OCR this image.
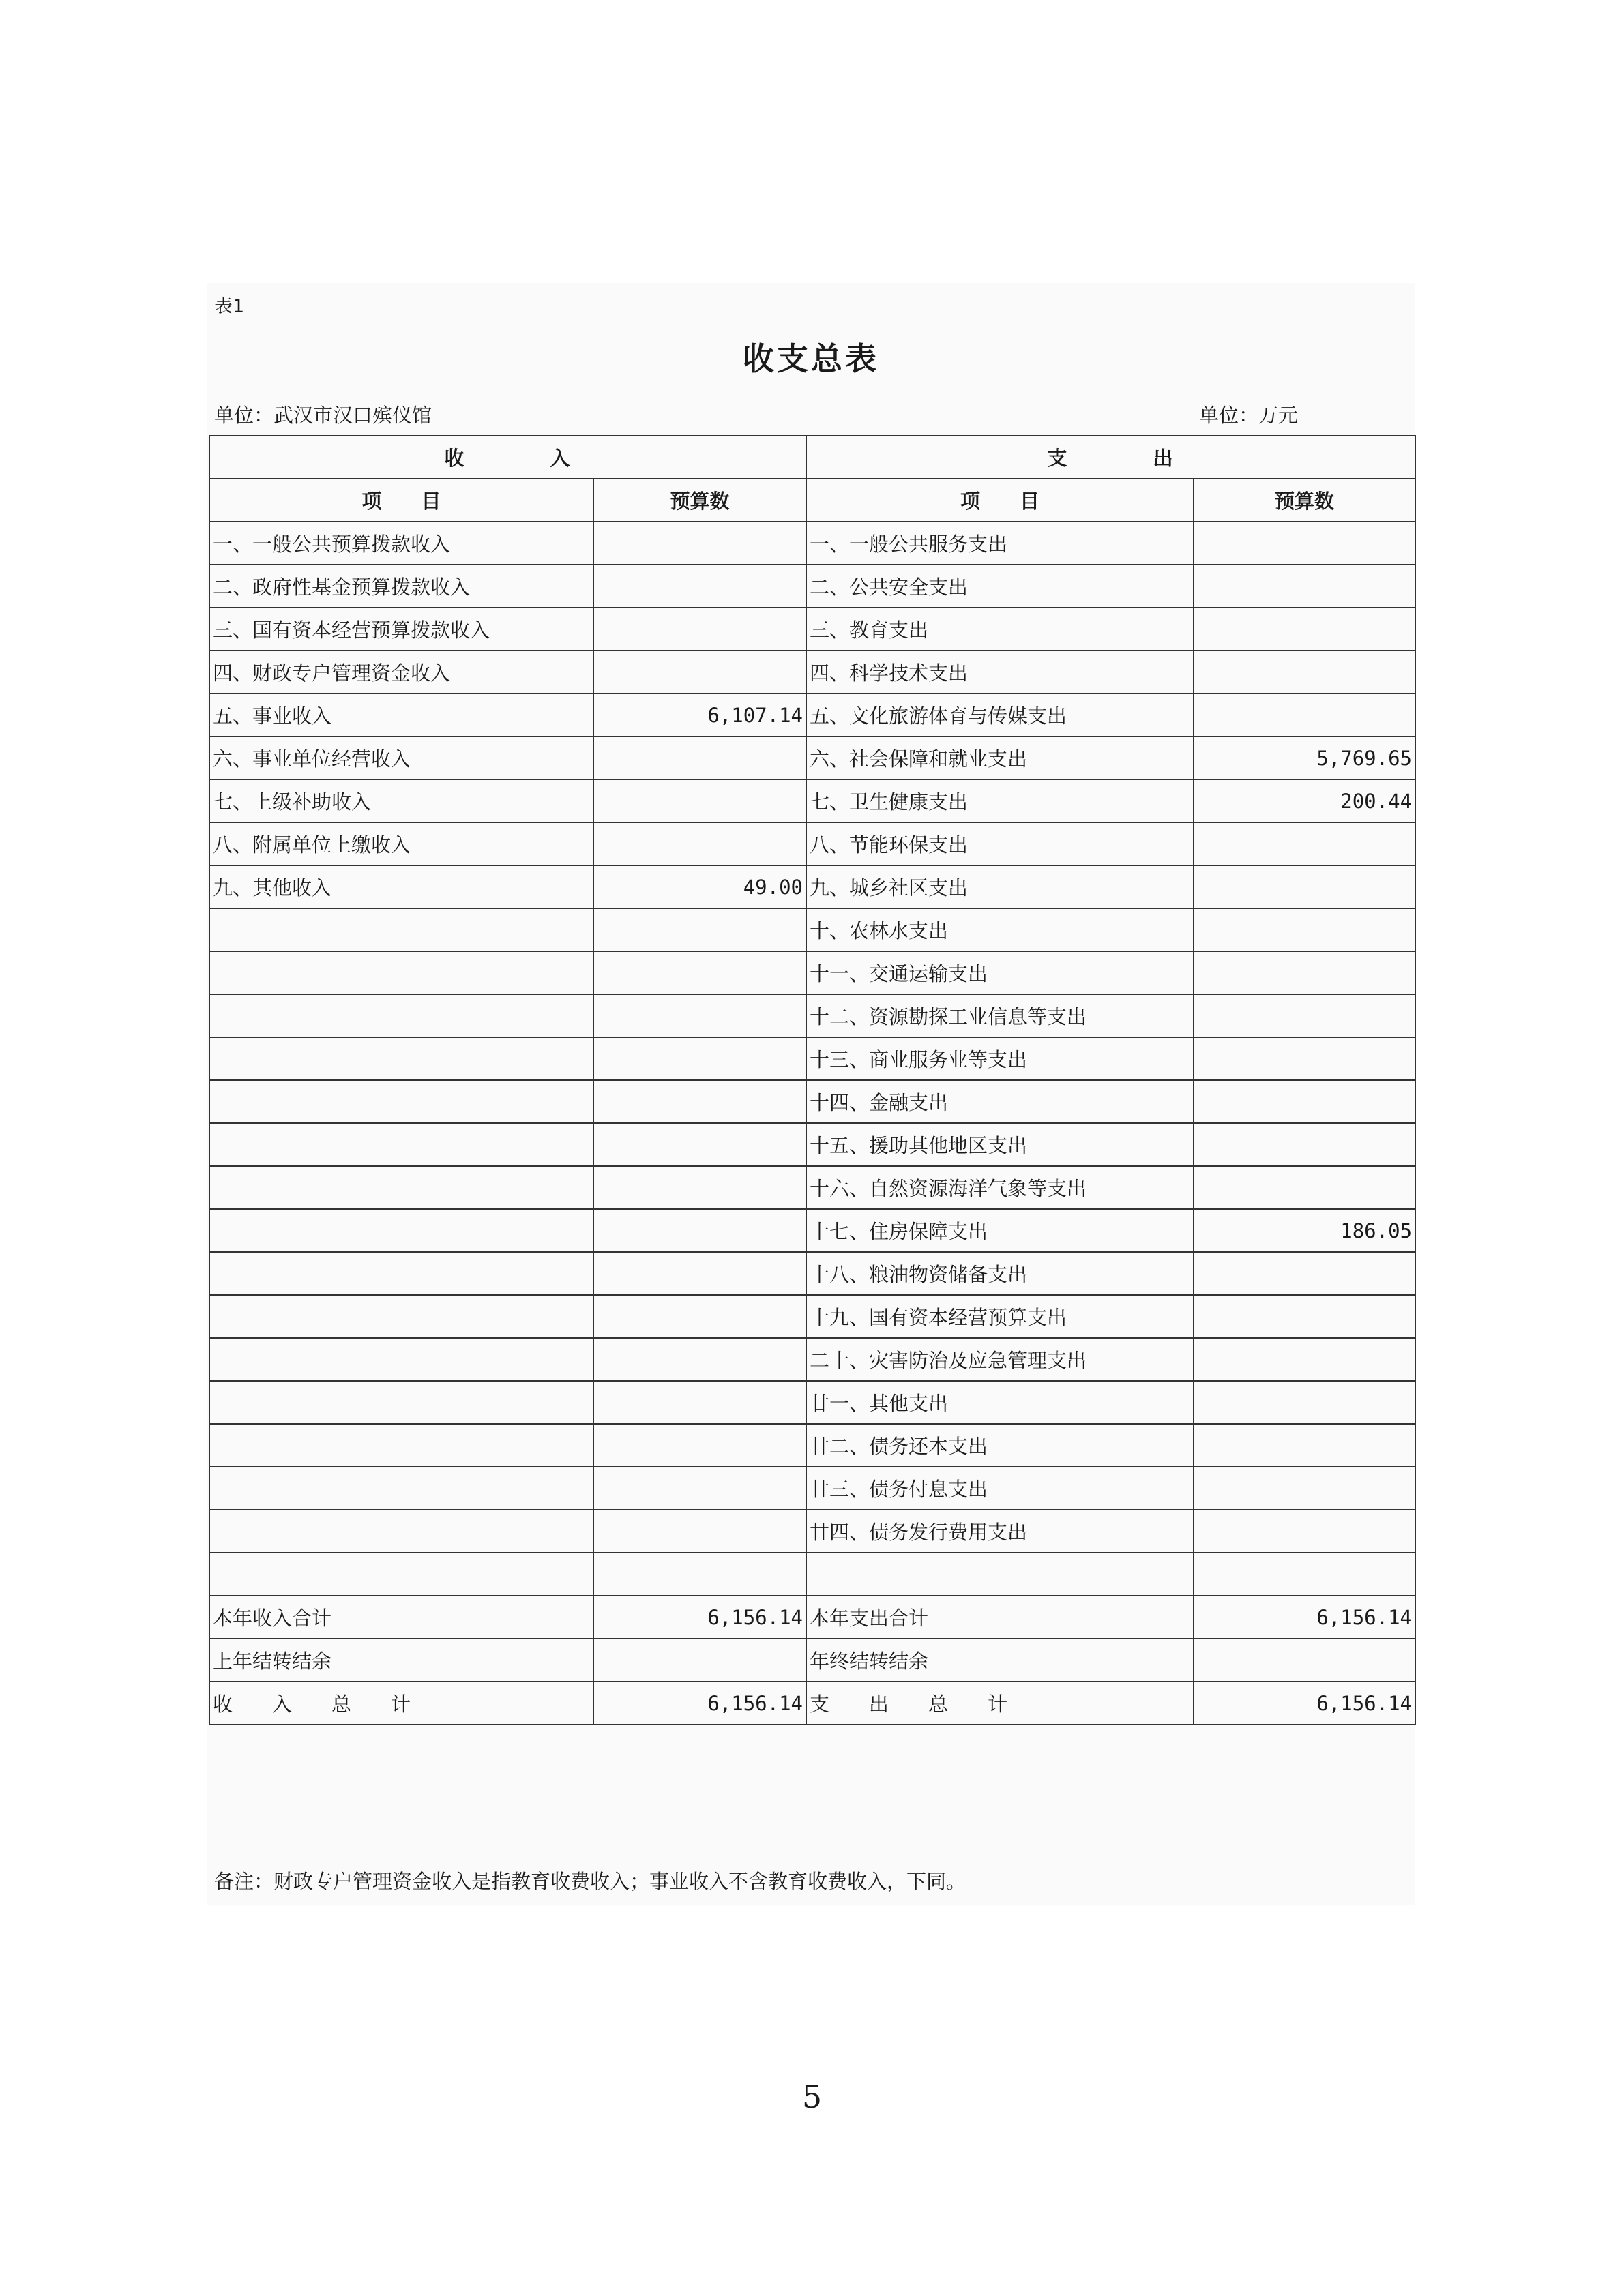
表1
收支总表
单位：武汉市汉口殡仪馆	单位：万元
收　　　　入		支　　　　出	
项　　目	预算数	项　　目	预算数
一、一般公共预算拨款收入		一、一般公共服务支出	
二、政府性基金预算拨款收入		二、公共安全支出	
三、国有资本经营预算拨款收入		三、教育支出	
四、财政专户管理资金收入		四、科学技术支出	
五、事业收入	6,107.14	五、文化旅游体育与传媒支出	
六、事业单位经营收入		六、社会保障和就业支出	5,769.65
七、上级补助收入		七、卫生健康支出	200.44
八、附属单位上缴收入		八、节能环保支出	
九、其他收入	49.00	九、城乡社区支出	
		十、农林水支出	
		十一、交通运输支出	
		十二、资源勘探工业信息等支出	
		十三、商业服务业等支出	
		十四、金融支出	
		十五、援助其他地区支出	
		十六、自然资源海洋气象等支出	
		十七、住房保障支出	186.05
		十八、粮油物资储备支出	
		十九、国有资本经营预算支出	
		二十、灾害防治及应急管理支出	
		廿一、其他支出	
		廿二、债务还本支出	
		廿三、债务付息支出	
		廿四、债务发行费用支出	

本年收入合计	6,156.14	本年支出合计	6,156.14
上年结转结余		年终结转结余	
收　　入　　总　　计	6,156.14	支　　出　　总　　计	6,156.14
备注：财政专户管理资金收入是指教育收费收入；事业收入不含教育收费收入，下同。
5
